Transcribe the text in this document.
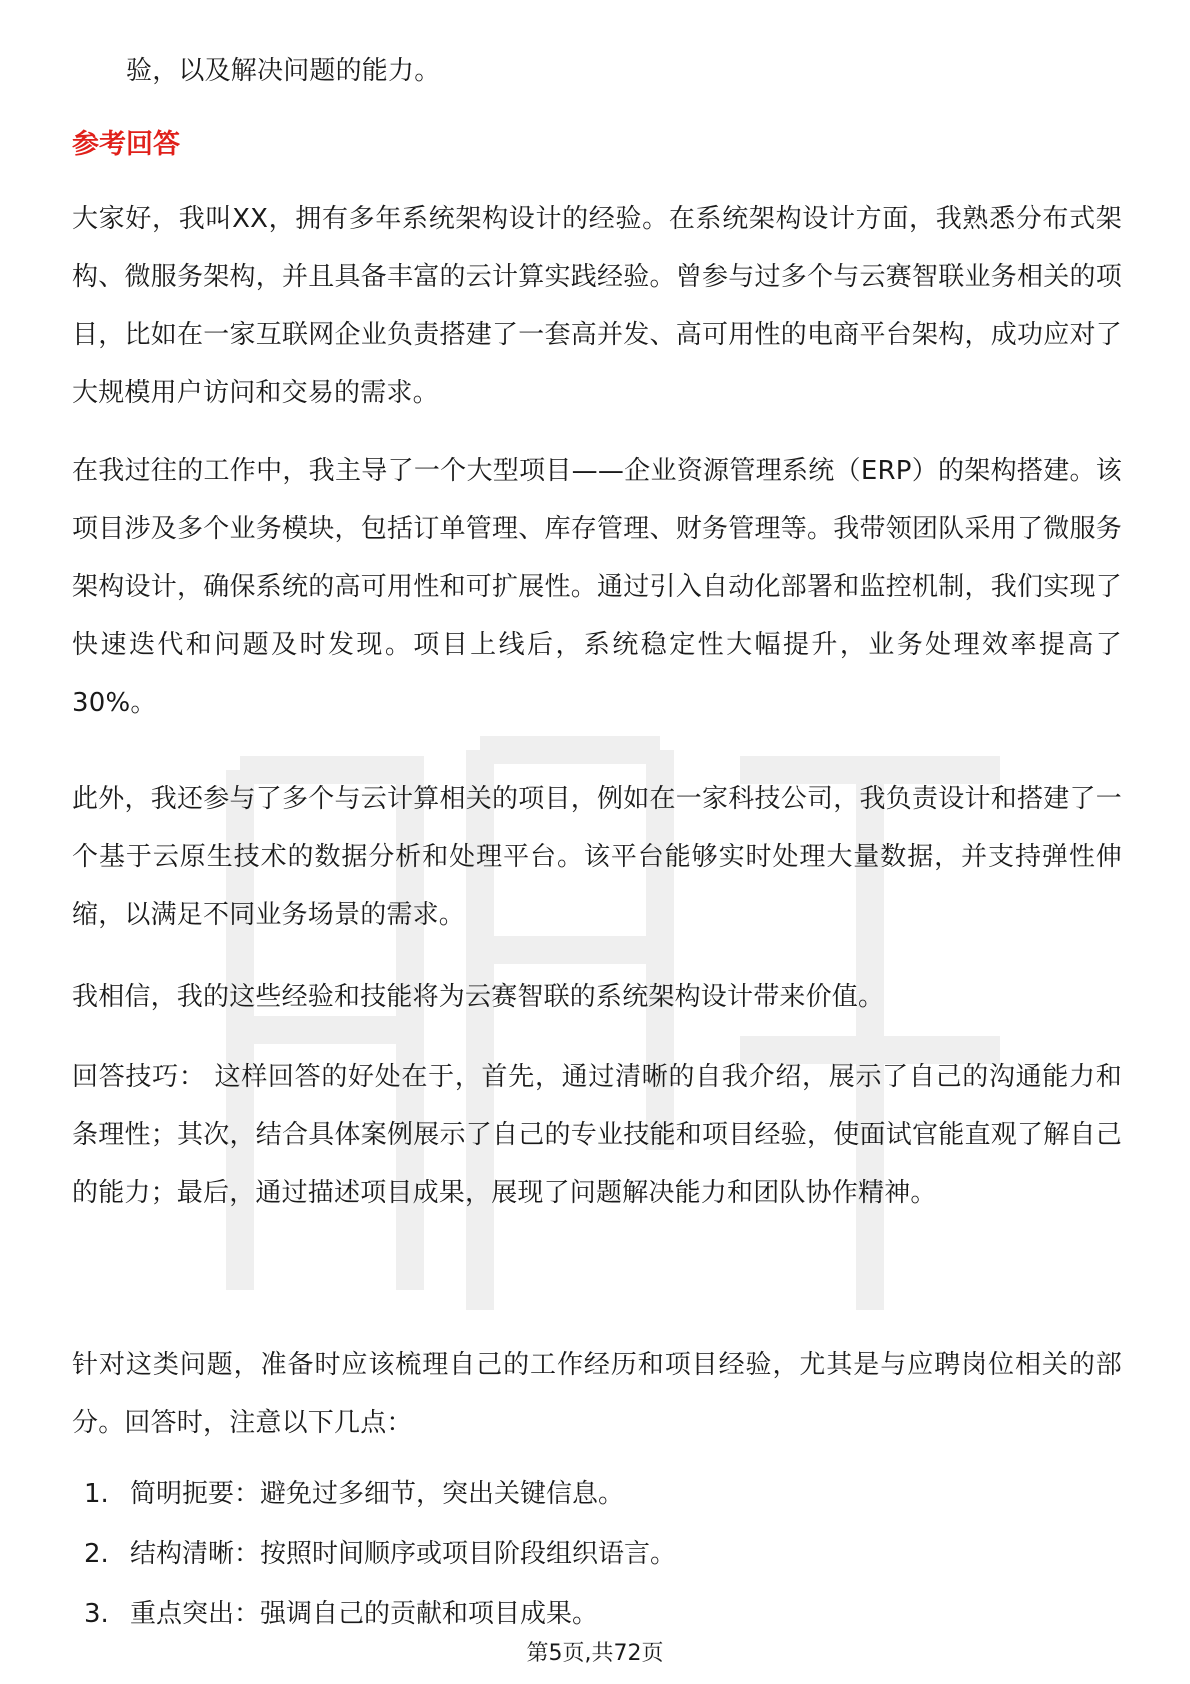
验，以及解决问题的能力。

参考回答

大家好，我叫XX，拥有多年系统架构设计的经验。在系统架构设计方面，我熟悉分布式架构、微服务架构，并且具备丰富的云计算实践经验。曾参与过多个与云赛智联业务相关的项目，比如在一家互联网企业负责搭建了一套高并发、高可用性的电商平台架构，成功应对了大规模用户访问和交易的需求。

在我过往的工作中，我主导了一个大型项目——企业资源管理系统（ERP）的架构搭建。该项目涉及多个业务模块，包括订单管理、库存管理、财务管理等。我带领团队采用了微服务架构设计，确保系统的高可用性和可扩展性。通过引入自动化部署和监控机制，我们实现了快速迭代和问题及时发现。项目上线后，系统稳定性大幅提升，业务处理效率提高了30%。

此外，我还参与了多个与云计算相关的项目，例如在一家科技公司，我负责设计和搭建了一个基于云原生技术的数据分析和处理平台。该平台能够实时处理大量数据，并支持弹性伸缩，以满足不同业务场景的需求。

我相信，我的这些经验和技能将为云赛智联的系统架构设计带来价值。

回答技巧： 这样回答的好处在于，首先，通过清晰的自我介绍，展示了自己的沟通能力和条理性；其次，结合具体案例展示了自己的专业技能和项目经验，使面试官能直观了解自己的能力；最后，通过描述项目成果，展现了问题解决能力和团队协作精神。

针对这类问题，准备时应该梳理自己的工作经历和项目经验，尤其是与应聘岗位相关的部分。回答时，注意以下几点：

1. 简明扼要：避免过多细节，突出关键信息。
2. 结构清晰：按照时间顺序或项目阶段组织语言。
3. 重点突出：强调自己的贡献和项目成果。
第5页,共72页
